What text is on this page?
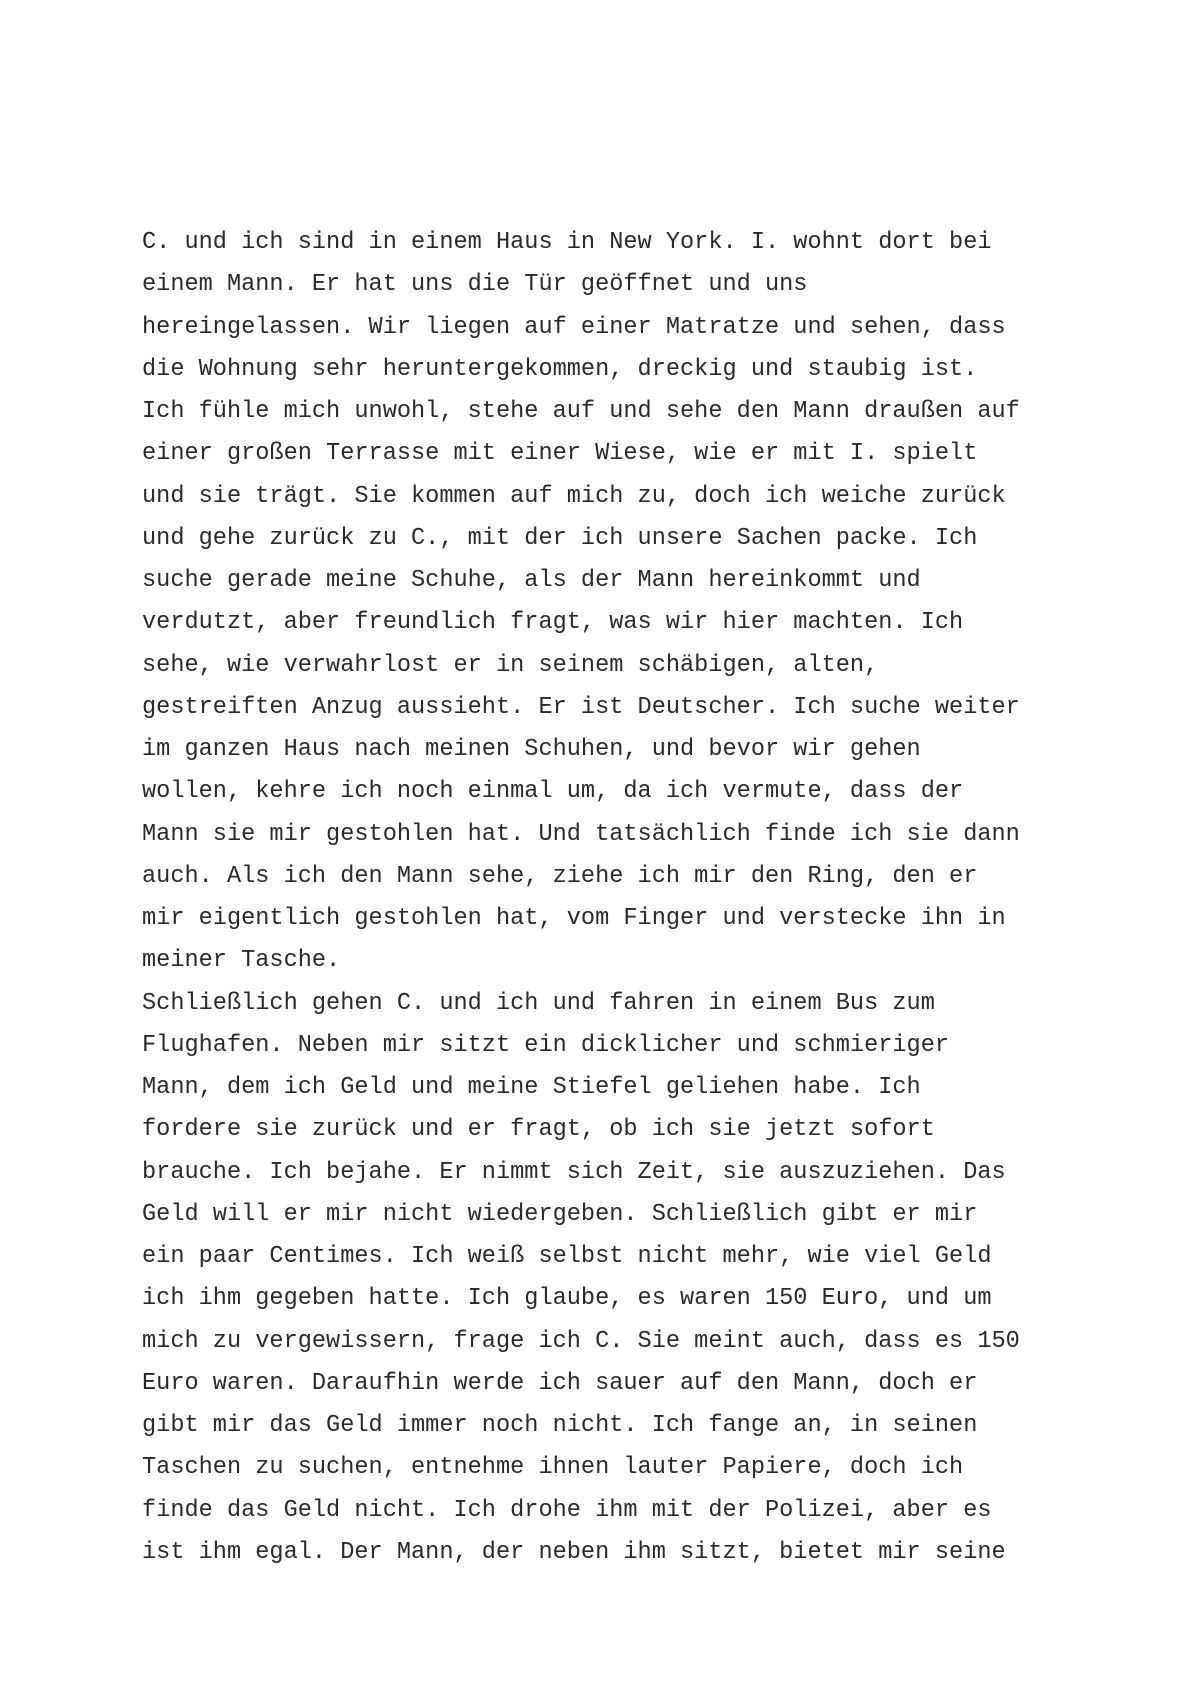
C. und ich sind in einem Haus in New York. I. wohnt dort bei
einem Mann. Er hat uns die Tür geöffnet und uns
hereingelassen. Wir liegen auf einer Matratze und sehen, dass
die Wohnung sehr heruntergekommen, dreckig und staubig ist.
Ich fühle mich unwohl, stehe auf und sehe den Mann draußen auf
einer großen Terrasse mit einer Wiese, wie er mit I. spielt
und sie trägt. Sie kommen auf mich zu, doch ich weiche zurück
und gehe zurück zu C., mit der ich unsere Sachen packe. Ich
suche gerade meine Schuhe, als der Mann hereinkommt und
verdutzt, aber freundlich fragt, was wir hier machten. Ich
sehe, wie verwahrlost er in seinem schäbigen, alten,
gestreiften Anzug aussieht. Er ist Deutscher. Ich suche weiter
im ganzen Haus nach meinen Schuhen, und bevor wir gehen
wollen, kehre ich noch einmal um, da ich vermute, dass der
Mann sie mir gestohlen hat. Und tatsächlich finde ich sie dann
auch. Als ich den Mann sehe, ziehe ich mir den Ring, den er
mir eigentlich gestohlen hat, vom Finger und verstecke ihn in
meiner Tasche.
Schließlich gehen C. und ich und fahren in einem Bus zum
Flughafen. Neben mir sitzt ein dicklicher und schmieriger
Mann, dem ich Geld und meine Stiefel geliehen habe. Ich
fordere sie zurück und er fragt, ob ich sie jetzt sofort
brauche. Ich bejahe. Er nimmt sich Zeit, sie auszuziehen. Das
Geld will er mir nicht wiedergeben. Schließlich gibt er mir
ein paar Centimes. Ich weiß selbst nicht mehr, wie viel Geld
ich ihm gegeben hatte. Ich glaube, es waren 150 Euro, und um
mich zu vergewissern, frage ich C. Sie meint auch, dass es 150
Euro waren. Daraufhin werde ich sauer auf den Mann, doch er
gibt mir das Geld immer noch nicht. Ich fange an, in seinen
Taschen zu suchen, entnehme ihnen lauter Papiere, doch ich
finde das Geld nicht. Ich drohe ihm mit der Polizei, aber es
ist ihm egal. Der Mann, der neben ihm sitzt, bietet mir seine
